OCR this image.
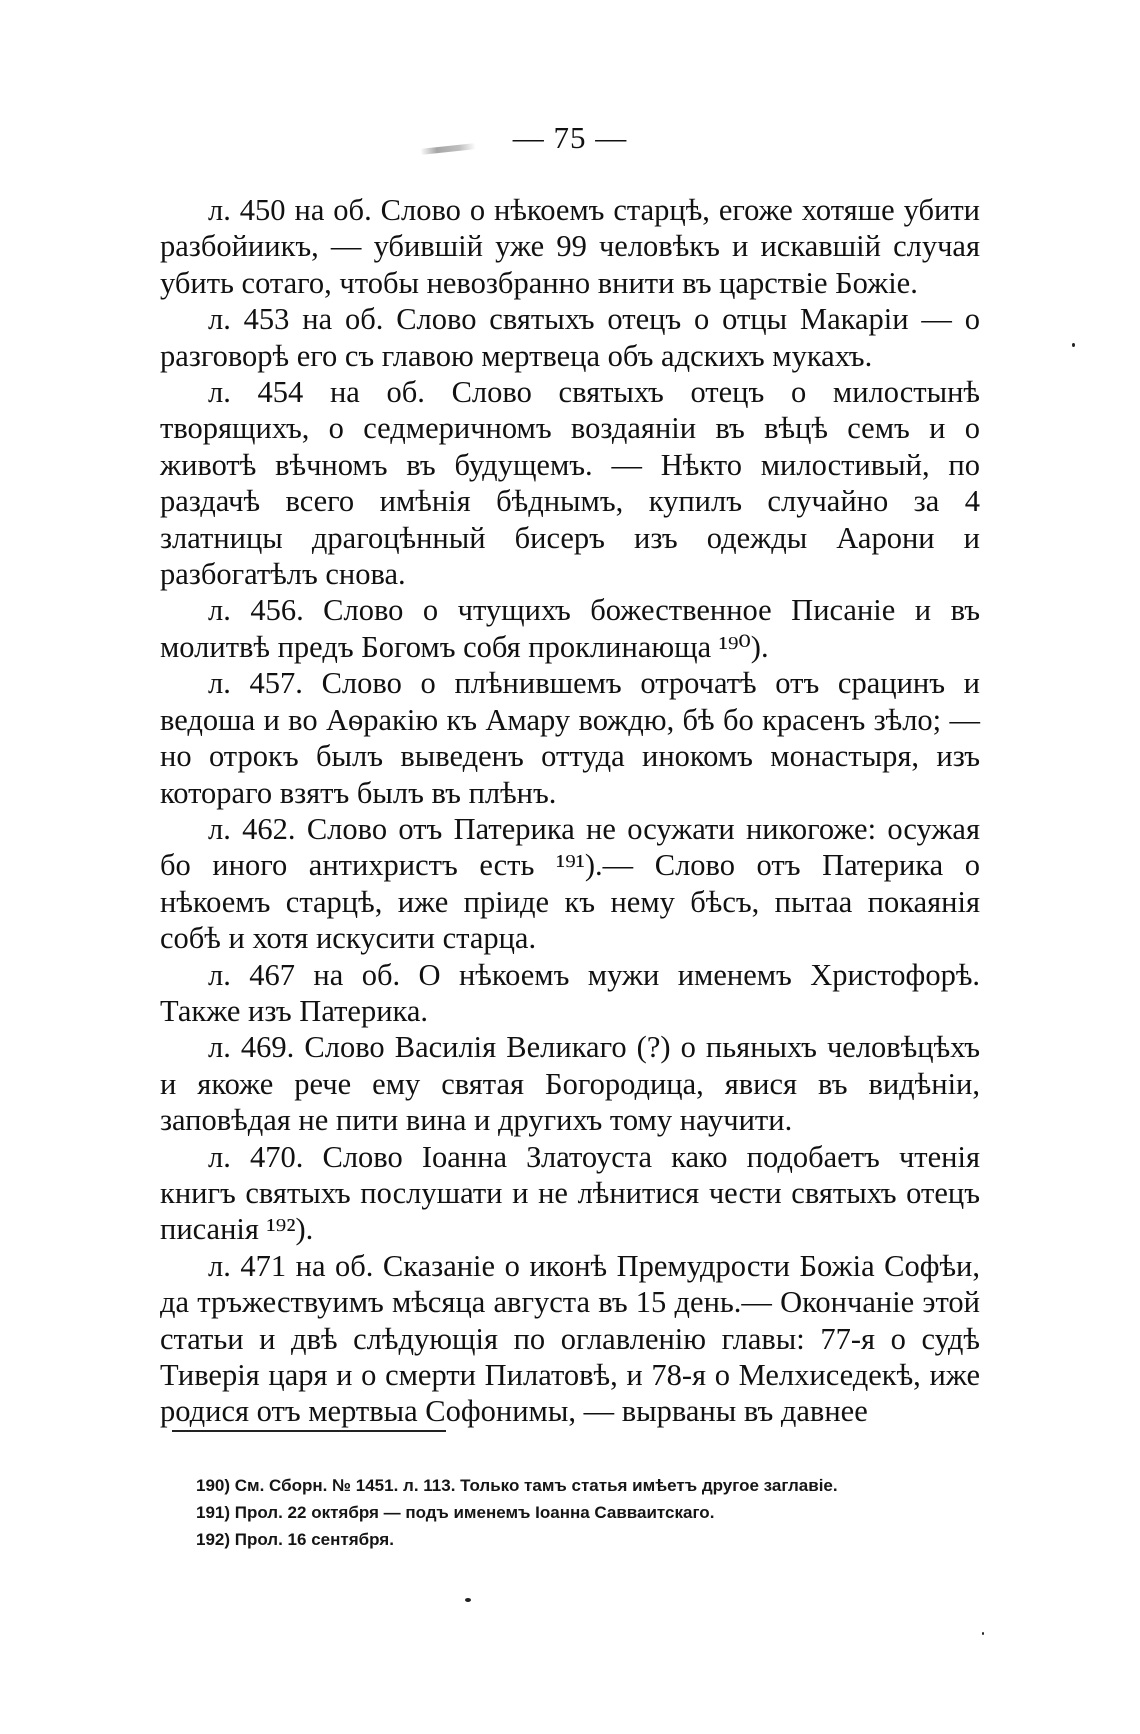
— 75 —

л. 450 на об. Слово о нѣкоемъ старцѣ, егоже хотяше убити разбойиикъ, — убившій уже 99 человѣкъ и искавшій случая убить сотаго, чтобы невозбранно внити въ царствіе Божіе.

л. 453 на об. Слово святыхъ отецъ о отцы Макаріи — о разговорѣ его съ главою мертвеца объ адскихъ мукахъ.

л. 454 на об. Слово святыхъ отецъ о милостынѣ творящихъ, о седмеричномъ воздаяніи въ вѣцѣ семъ и о животѣ вѣчномъ въ будущемъ. — Нѣкто милостивый, по раздачѣ всего имѣнія бѣднымъ, купилъ случайно за 4 златницы драгоцѣнный бисеръ изъ одежды Аарони и разбогатѣлъ снова.

л. 456. Слово о чтущихъ божественное Писаніе и въ молитвѣ предъ Богомъ собя проклинающа ¹⁹⁰).

л. 457. Слово о плѣнившемъ отрочатѣ отъ срацинъ и ведоша и во Аѳракію къ Амару вождю, бѣ бо красенъ зѣло; — но отрокъ былъ выведенъ оттуда инокомъ монастыря, изъ котораго взятъ былъ въ плѣнъ.

л. 462. Слово отъ Патерика не осужати никогоже: осужая бо иного антихристъ есть ¹⁹¹).— Слово отъ Патерика о нѣкоемъ старцѣ, иже пріиде къ нему бѣсъ, пытаа покаянія собѣ и хотя искусити старца.

л. 467 на об. О нѣкоемъ мужи именемъ Христофорѣ. Также изъ Патерика.

л. 469. Слово Василія Великаго (?) о пьяныхъ человѣцѣхъ и якоже рече ему святая Богородица, явися въ видѣніи, заповѣдая не пити вина и другихъ тому научити.

л. 470. Слово Іоанна Златоуста како подобаетъ чтенія книгъ святыхъ послушати и не лѣнитися чести святыхъ отецъ писанія ¹⁹²).

л. 471 на об. Сказаніе о иконѣ Премудрости Божіа Софѣи, да тръжествуимъ мѣсяца августа въ 15 день.— Окончаніе этой статьи и двѣ слѣдующія по оглавленію главы: 77-я о судѣ Тиверія царя и о смерти Пилатовѣ, и 78-я о Мелхиседекѣ, иже родися отъ мертвыа Софонимы, — вырваны въ давнее

190) См. Сборн. № 1451. л. 113. Только тамъ статья имѣетъ другое заглавіе.
191) Прол. 22 октября — подъ именемъ Іоанна Савваитскаго.
192) Прол. 16 сентября.
